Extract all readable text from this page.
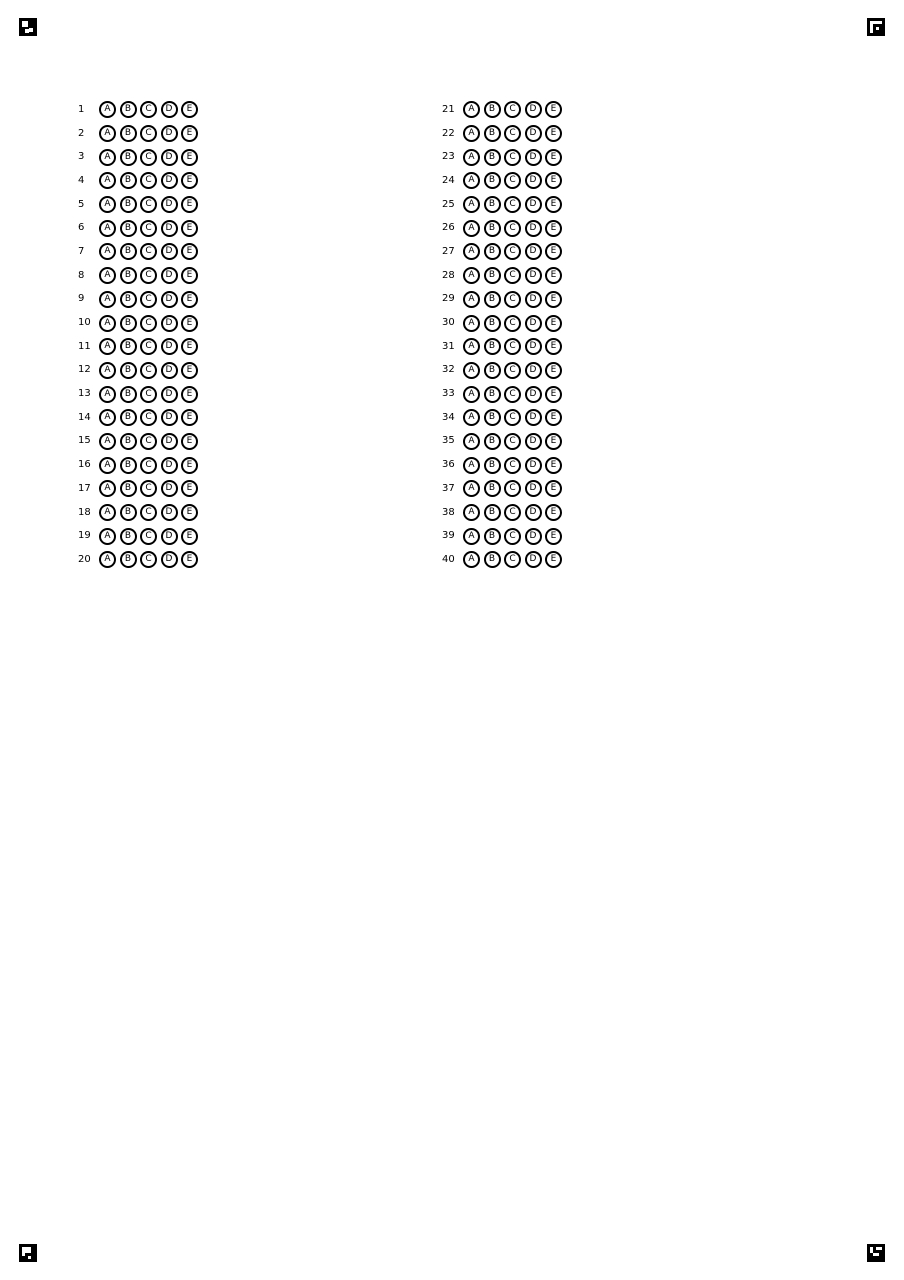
1	A	B	C	D	E
2	A	B	C	D	E
3	A	B	C	D	E
4	A	B	C	D	E
5	A	B	C	D	E
6	A	B	C	D	E
7	A	B	C	D	E
8	A	B	C	D	E
9	A	B	C	D	E
10	A	B	C	D	E
11	A	B	C	D	E
12	A	B	C	D	E
13	A	B	C	D	E
14	A	B	C	D	E
15	A	B	C	D	E
16	A	B	C	D	E
17	A	B	C	D	E
18	A	B	C	D	E
19	A	B	C	D	E
20	A	B	C	D	E
21	A	B	C	D	E
22	A	B	C	D	E
23	A	B	C	D	E
24	A	B	C	D	E
25	A	B	C	D	E
26	A	B	C	D	E
27	A	B	C	D	E
28	A	B	C	D	E
29	A	B	C	D	E
30	A	B	C	D	E
31	A	B	C	D	E
32	A	B	C	D	E
33	A	B	C	D	E
34	A	B	C	D	E
35	A	B	C	D	E
36	A	B	C	D	E
37	A	B	C	D	E
38	A	B	C	D	E
39	A	B	C	D	E
40	A	B	C	D	E
